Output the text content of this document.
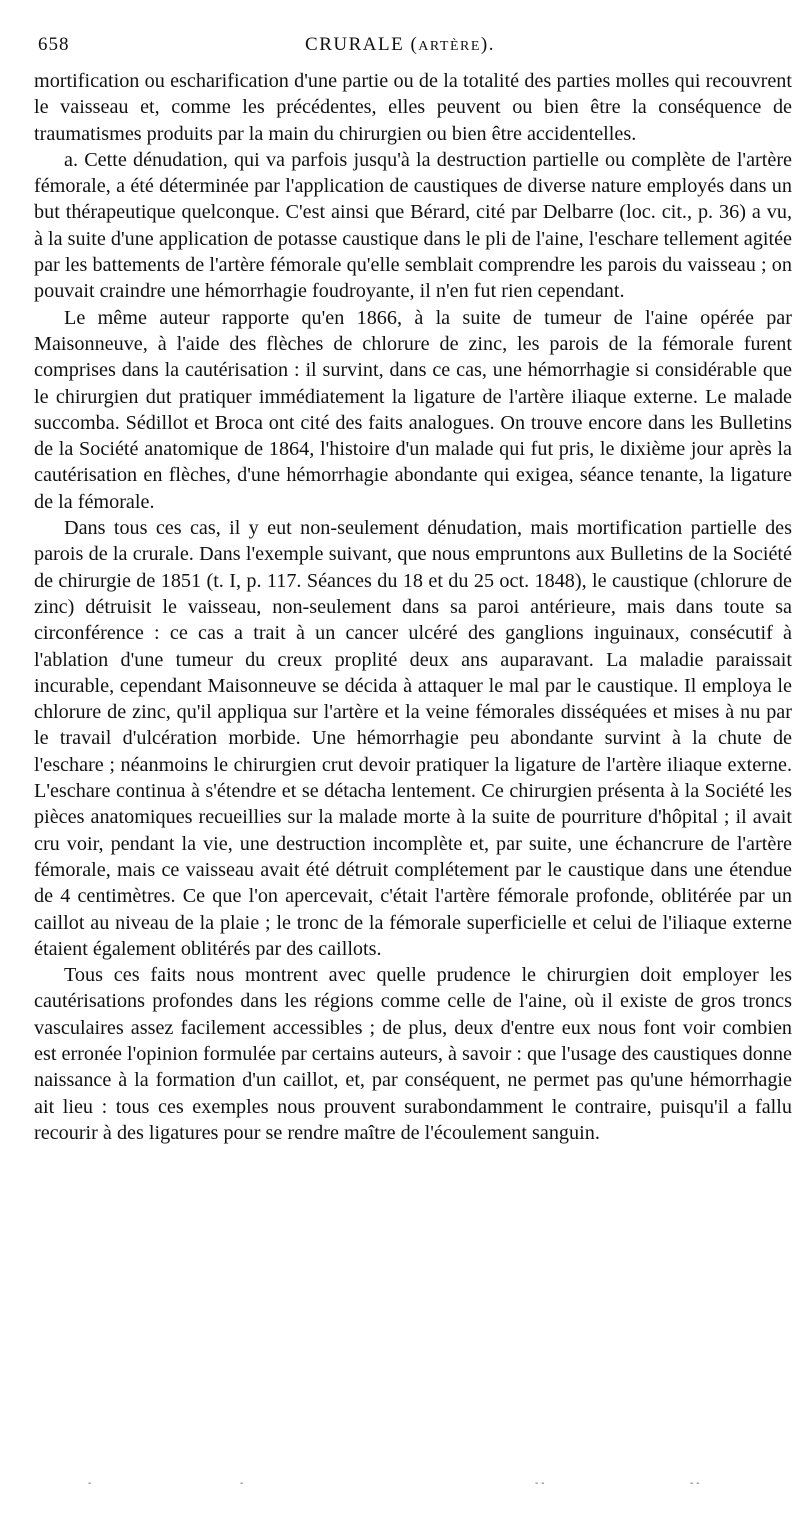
658	CRURALE (ARTÈRE).

mortification ou escharification d'une partie ou de la totalité des parties molles qui recouvrent le vaisseau et, comme les précédentes, elles peuvent ou bien être la conséquence de traumatismes produits par la main du chirurgien ou bien être accidentelles.

a. Cette dénudation, qui va parfois jusqu'à la destruction partielle ou complète de l'artère fémorale, a été déterminée par l'application de caustiques de diverse nature employés dans un but thérapeutique quelconque. C'est ainsi que Bérard, cité par Delbarre (loc. cit., p. 36) a vu, à la suite d'une application de potasse caustique dans le pli de l'aine, l'eschare tellement agitée par les battements de l'artère fémorale qu'elle semblait comprendre les parois du vaisseau ; on pouvait craindre une hémorrhagie foudroyante, il n'en fut rien cependant.

Le même auteur rapporte qu'en 1866, à la suite de tumeur de l'aine opérée par Maisonneuve, à l'aide des flèches de chlorure de zinc, les parois de la fémorale furent comprises dans la cautérisation : il survint, dans ce cas, une hémorrhagie si considérable que le chirurgien dut pratiquer immédiatement la ligature de l'artère iliaque externe. Le malade succomba. Sédillot et Broca ont cité des faits analogues. On trouve encore dans les Bulletins de la Société anatomique de 1864, l'histoire d'un malade qui fut pris, le dixième jour après la cautérisation en flèches, d'une hémorrhagie abondante qui exigea, séance tenante, la ligature de la fémorale.

Dans tous ces cas, il y eut non-seulement dénudation, mais mortification partielle des parois de la crurale. Dans l'exemple suivant, que nous empruntons aux Bulletins de la Société de chirurgie de 1851 (t. I, p. 117. Séances du 18 et du 25 oct. 1848), le caustique (chlorure de zinc) détruisit le vaisseau, non-seulement dans sa paroi antérieure, mais dans toute sa circonférence : ce cas a trait à un cancer ulcéré des ganglions inguinaux, consécutif à l'ablation d'une tumeur du creux proplité deux ans auparavant. La maladie paraissait incurable, cependant Maisonneuve se décida à attaquer le mal par le caustique. Il employa le chlorure de zinc, qu'il appliqua sur l'artère et la veine fémorales disséquées et mises à nu par le travail d'ulcération morbide. Une hémorrhagie peu abondante survint à la chute de l'eschare ; néanmoins le chirurgien crut devoir pratiquer la ligature de l'artère iliaque externe. L'eschare continua à s'étendre et se détacha lentement. Ce chirurgien présenta à la Société les pièces anatomiques recueillies sur la malade morte à la suite de pourriture d'hôpital ; il avait cru voir, pendant la vie, une destruction incomplète et, par suite, une échancrure de l'artère fémorale, mais ce vaisseau avait été détruit complétement par le caustique dans une étendue de 4 centimètres. Ce que l'on apercevait, c'était l'artère fémorale profonde, oblitérée par un caillot au niveau de la plaie ; le tronc de la fémorale superficielle et celui de l'iliaque externe étaient également oblitérés par des caillots.

Tous ces faits nous montrent avec quelle prudence le chirurgien doit employer les cautérisations profondes dans les régions comme celle de l'aine, où il existe de gros troncs vasculaires assez facilement accessibles ; de plus, deux d'entre eux nous font voir combien est erronée l'opinion formulée par certains auteurs, à savoir : que l'usage des caustiques donne naissance à la formation d'un caillot, et, par conséquent, ne permet pas qu'une hémorrhagie ait lieu : tous ces exemples nous prouvent surabondamment le contraire, puisqu'il a fallu recourir à des ligatures pour se rendre maître de l'écoulement sanguin.

-	-	- -	- -
